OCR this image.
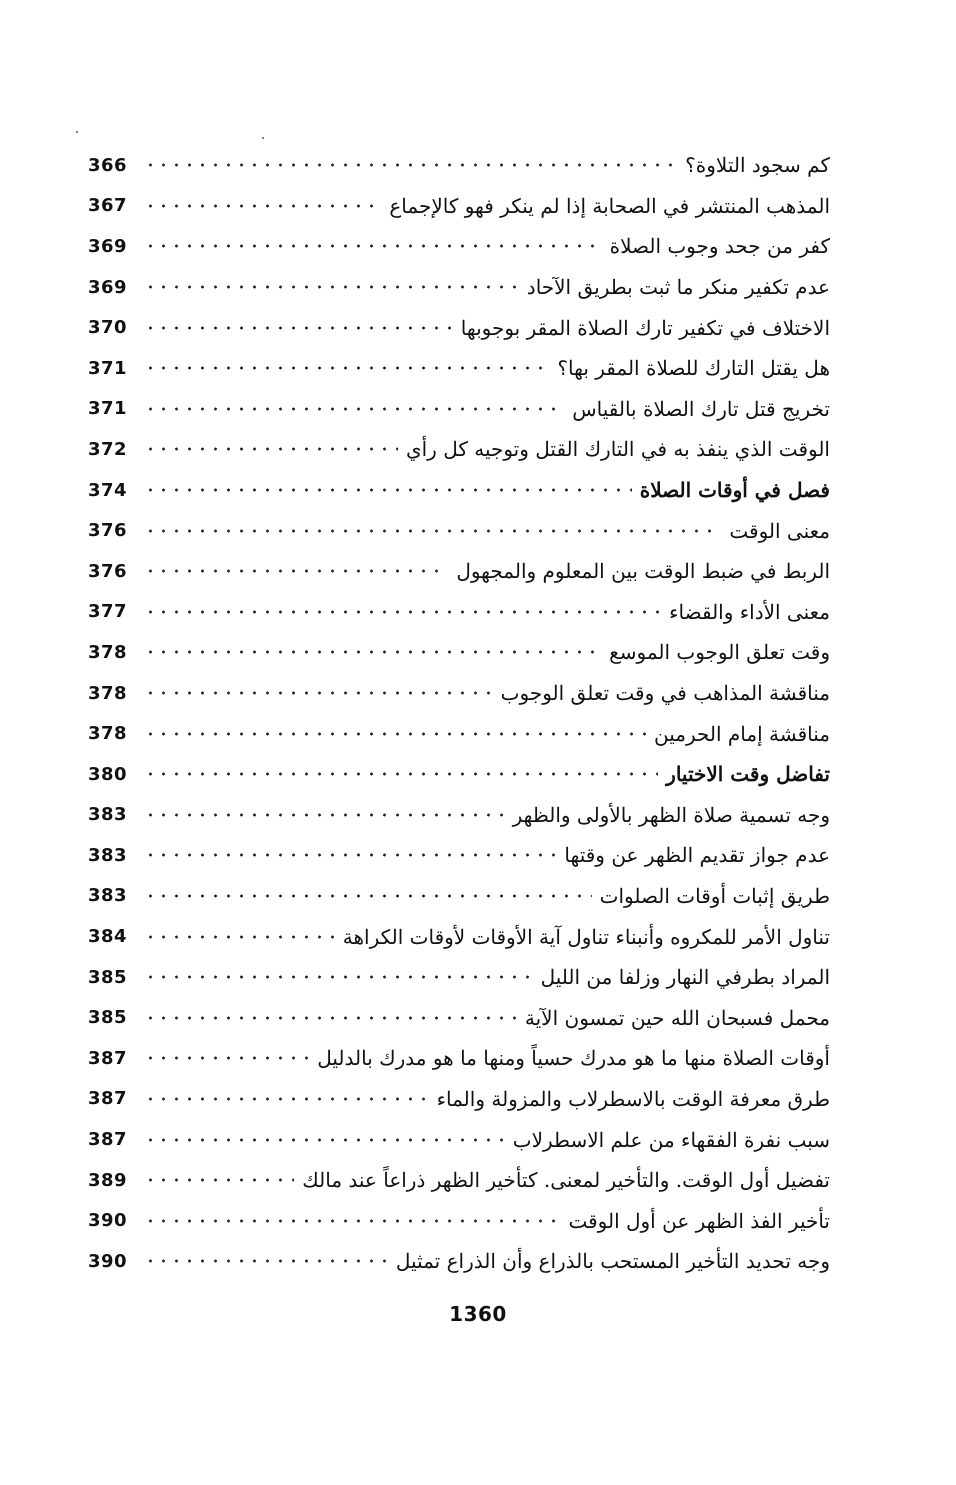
كم سجود التلاوة؟
366
المذهب المنتشر في الصحابة إذا لم ينكر فهو كالإجماع
367
كفر من جحد وجوب الصلاة
369
عدم تكفير منكر ما ثبت بطريق الآحاد
369
الاختلاف في تكفير تارك الصلاة المقر بوجوبها
370
هل يقتل التارك للصلاة المقر بها؟
371
تخريج قتل تارك الصلاة بالقياس
371
الوقت الذي ينفذ به في التارك القتل وتوجيه كل رأي
372
فصل في أوقات الصلاة
374
معنى الوقت
376
الربط في ضبط الوقت بين المعلوم والمجهول
376
معنى الأداء والقضاء
377
وقت تعلق الوجوب الموسع
378
مناقشة المذاهب في وقت تعلق الوجوب
378
مناقشة إمام الحرمين
378
تفاضل وقت الاختيار
380
وجه تسمية صلاة الظهر بالأولى والظهر
383
عدم جواز تقديم الظهر عن وقتها
383
طريق إثبات أوقات الصلوات
383
تناول الأمر للمكروه وأنبناء تناول آية الأوقات لأوقات الكراهة
384
المراد بطرفي النهار وزلفا من الليل
385
محمل فسبحان الله حين تمسون الآية
385
أوقات الصلاة منها ما هو مدرك حسياً ومنها ما هو مدرك بالدليل
387
طرق معرفة الوقت بالاسطرلاب والمزولة والماء
387
سبب نفرة الفقهاء من علم الاسطرلاب
387
تفضيل أول الوقت. والتأخير لمعنى. كتأخير الظهر ذراعاً عند مالك
389
تأخير الفذ الظهر عن أول الوقت
390
وجه تحديد التأخير المستحب بالذراع وأن الذراع تمثيل
390
1360
